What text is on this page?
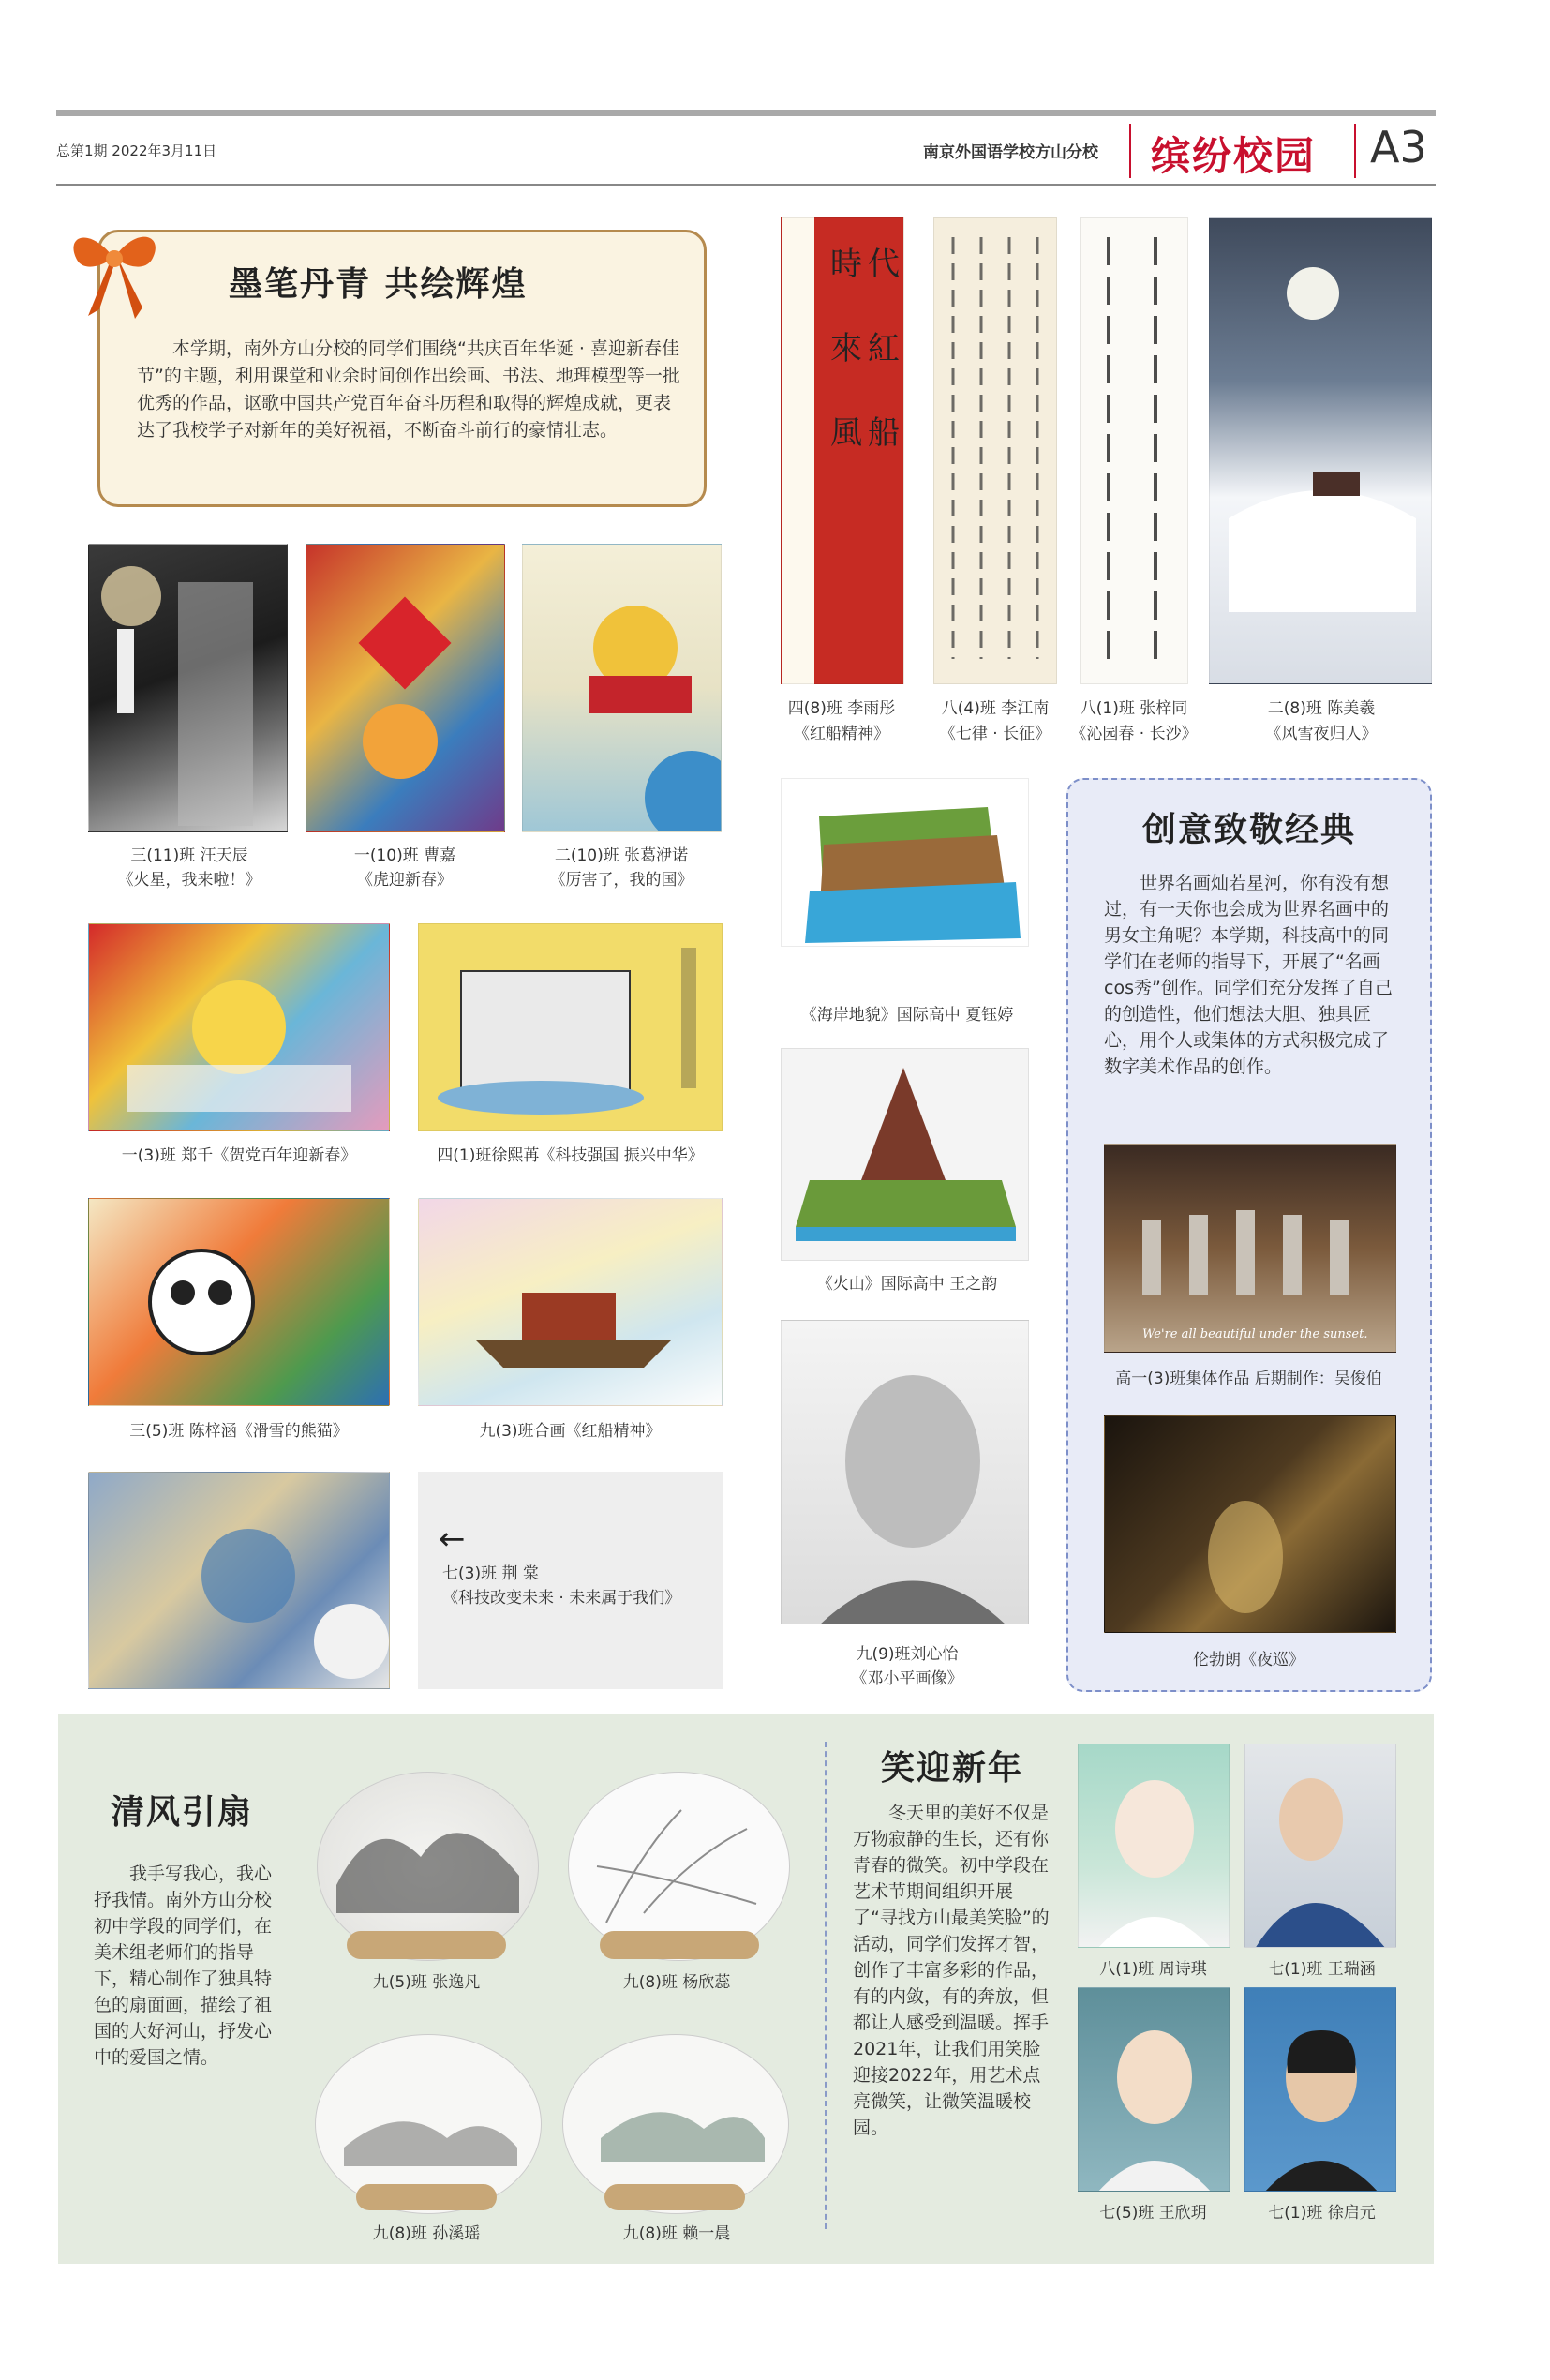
总第1期 2022年3月11日	南京外国语学校方山分校 缤纷校园 A3
墨笔丹青 共绘辉煌
本学期，南外方山分校的同学们围绕“共庆百年华诞 · 喜迎新春佳节”的主题，利用课堂和业余时间创作出绘画、书法、地理模型等一批优秀的作品，讴歌中国共产党百年奋斗历程和取得的辉煌成就，更表达了我校学子对新年的美好祝福，不断奋斗前行的豪情壮志。
三(11)班 汪天辰
《火星，我来啦！》
一(10)班 曹嘉
《虎迎新春》
二(10)班 张葛洢诺
《厉害了，我的国》
一(3)班 郑千《贺党百年迎新春》	四(1)班徐熙苒《科技强国 振兴中华》
三(5)班 陈梓涵《滑雪的熊猫》	九(3)班合画《红船精神》
←
七(3)班 荆 棠
《科技改变未来 · 未来属于我们》
時 代
來 紅
風 船
四(8)班 李雨彤
《红船精神》
八(4)班 李江南
《七律 · 长征》
八(1)班 张梓同
《沁园春 · 长沙》
二(8)班 陈美羲
《风雪夜归人》
《海岸地貌》国际高中 夏钰婷
《火山》国际高中 王之韵
九(9)班刘心怡
《邓小平画像》
创意致敬经典
世界名画灿若星河，你有没有想过，有一天你也会成为世界名画中的男女主角呢？本学期，科技高中的同学们在老师的指导下，开展了“名画cos秀”创作。同学们充分发挥了自己的创造性，他们想法大胆、独具匠心，用个人或集体的方式积极完成了数字美术作品的创作。
We're all beautiful under the sunset.
高一(3)班集体作品 后期制作：吴俊伯
伦勃朗《夜巡》
清风引扇
我手写我心，我心抒我情。南外方山分校初中学段的同学们，在美术组老师们的指导下，精心制作了独具特色的扇面画，描绘了祖国的大好河山，抒发心中的爱国之情。
九(5)班 张逸凡	九(8)班 杨欣蕊
九(8)班 孙溪瑶	九(8)班 赖一晨
笑迎新年
冬天里的美好不仅是万物寂静的生长，还有你青春的微笑。初中学段在艺术节期间组织开展了“寻找方山最美笑脸”的活动，同学们发挥才智，创作了丰富多彩的作品，有的内敛，有的奔放，但都让人感受到温暖。挥手2021年，让我们用笑脸迎接2022年，用艺术点亮微笑，让微笑温暖校园。
八(1)班 周诗琪	七(1)班 王瑞涵
七(5)班 王欣玥	七(1)班 徐启元
